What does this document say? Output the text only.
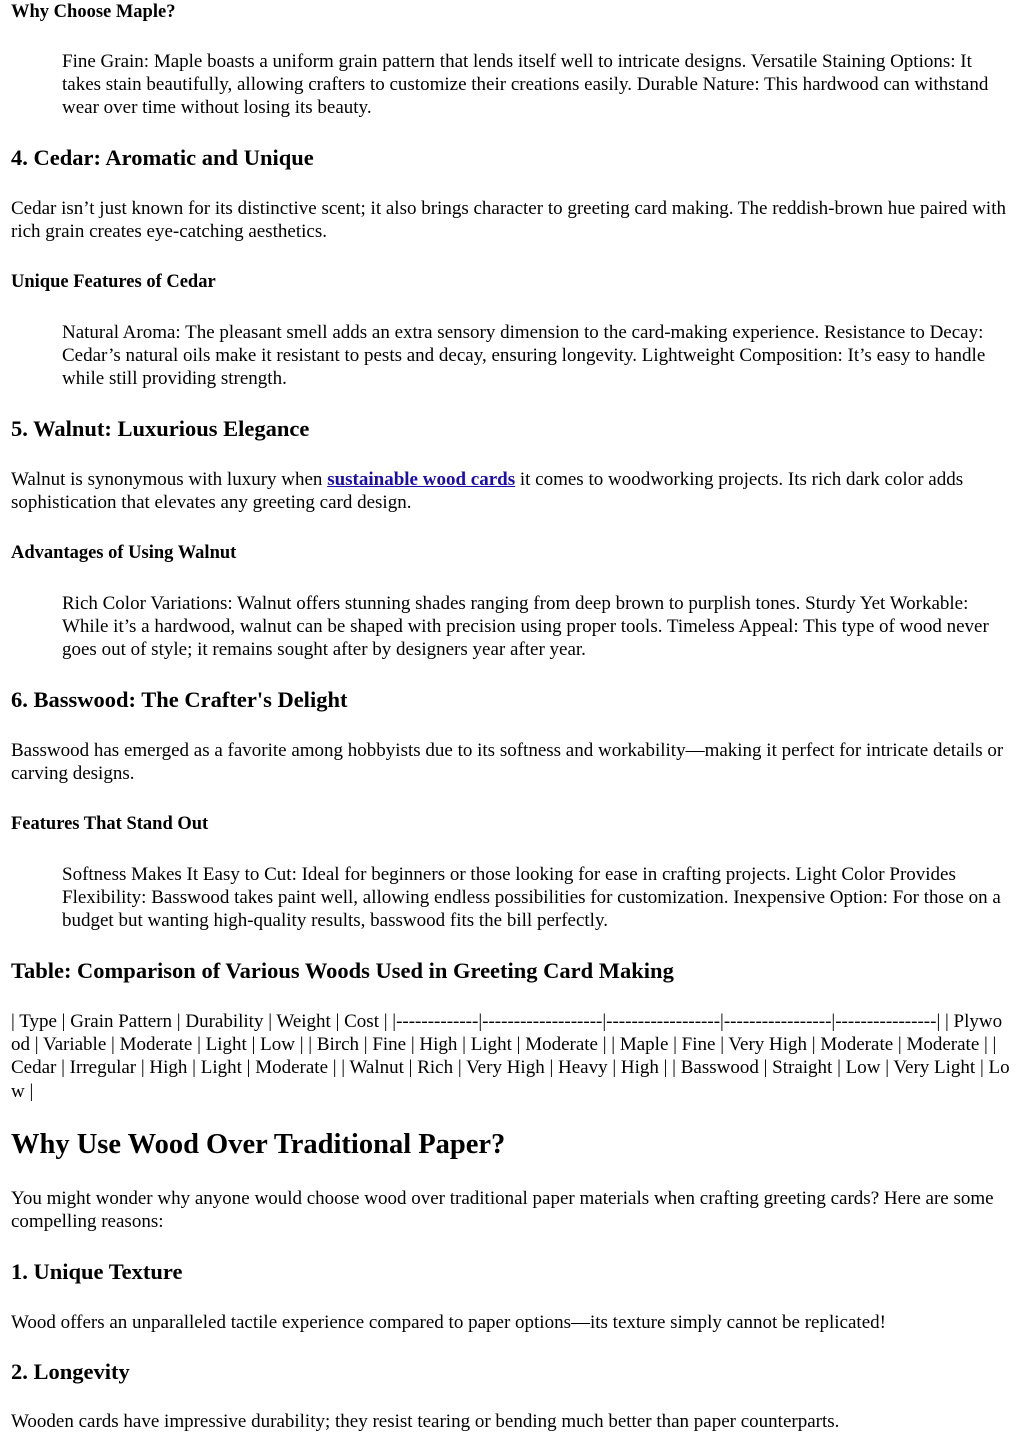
Why Choose Maple?
Fine Grain: Maple boasts a uniform grain pattern that lends itself well to intricate designs. Versatile Staining Options: It takes stain beautifully, allowing crafters to customize their creations easily. Durable Nature: This hardwood can withstand wear over time without losing its beauty.
4. Cedar: Aromatic and Unique

Cedar isn’t just known for its distinctive scent; it also brings character to greeting card making. The reddish-brown hue paired with rich grain creates eye-catching aesthetics.

Unique Features of Cedar
Natural Aroma: The pleasant smell adds an extra sensory dimension to the card-making experience. Resistance to Decay: Cedar’s natural oils make it resistant to pests and decay, ensuring longevity. Lightweight Composition: It’s easy to handle while still providing strength.
5. Walnut: Luxurious Elegance

Walnut is synonymous with luxury when sustainable wood cards it comes to woodworking projects. Its rich dark color adds sophistication that elevates any greeting card design.

Advantages of Using Walnut
Rich Color Variations: Walnut offers stunning shades ranging from deep brown to purplish tones. Sturdy Yet Workable: While it’s a hardwood, walnut can be shaped with precision using proper tools. Timeless Appeal: This type of wood never goes out of style; it remains sought after by designers year after year.
6. Basswood: The Crafter's Delight

Basswood has emerged as a favorite among hobbyists due to its softness and workability—making it perfect for intricate details or carving designs.

Features That Stand Out
Softness Makes It Easy to Cut: Ideal for beginners or those looking for ease in crafting projects. Light Color Provides Flexibility: Basswood takes paint well, allowing endless possibilities for customization. Inexpensive Option: For those on a budget but wanting high-quality results, basswood fits the bill perfectly.
Table: Comparison of Various Woods Used in Greeting Card Making

| Type | Grain Pattern | Durability | Weight | Cost | |-------------|-------------------|------------------|-----------------|----------------| | Plywood | Variable | Moderate | Light | Low | | Birch | Fine | High | Light | Moderate | | Maple | Fine | Very High | Moderate | Moderate | | Cedar | Irregular | High | Light | Moderate | | Walnut | Rich | Very High | Heavy | High | | Basswood | Straight | Low | Very Light | Low |

Why Use Wood Over Traditional Paper?

You might wonder why anyone would choose wood over traditional paper materials when crafting greeting cards? Here are some compelling reasons:

1. Unique Texture

Wood offers an unparalleled tactile experience compared to paper options—its texture simply cannot be replicated!

2. Longevity

Wooden cards have impressive durability; they resist tearing or bending much better than paper counterparts.
